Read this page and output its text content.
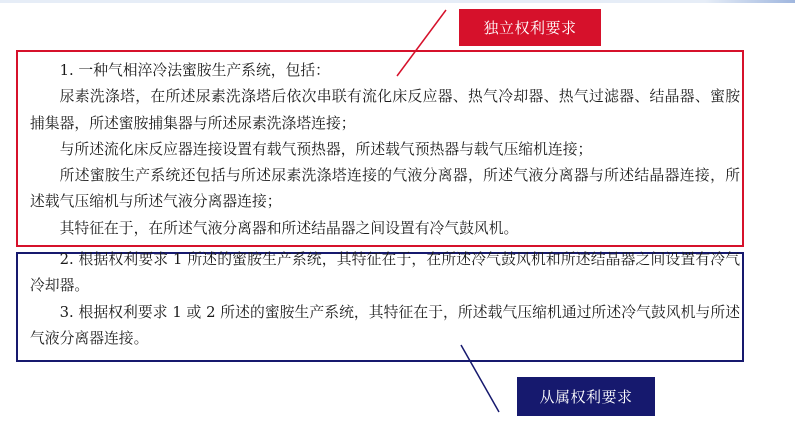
1. 一种气相淬冷法蜜胺生产系统，包括：

尿素洗涤塔，在所述尿素洗涤塔后依次串联有流化床反应器、热气冷却器、热气过滤器、结晶器、蜜胺捕集器，所述蜜胺捕集器与所述尿素洗涤塔连接；

与所述流化床反应器连接设置有载气预热器，所述载气预热器与载气压缩机连接；

所述蜜胺生产系统还包括与所述尿素洗涤塔连接的气液分离器，所述气液分离器与所述结晶器连接，所述载气压缩机与所述气液分离器连接；

其特征在于，在所述气液分离器和所述结晶器之间设置有冷气鼓风机。

2. 根据权利要求 1 所述的蜜胺生产系统，其特征在于，在所述冷气鼓风机和所述结晶器之间设置有冷气冷却器。

3. 根据权利要求 1 或 2 所述的蜜胺生产系统，其特征在于，所述载气压缩机通过所述冷气鼓风机与所述气液分离器连接。

独立权利要求
从属权利要求
